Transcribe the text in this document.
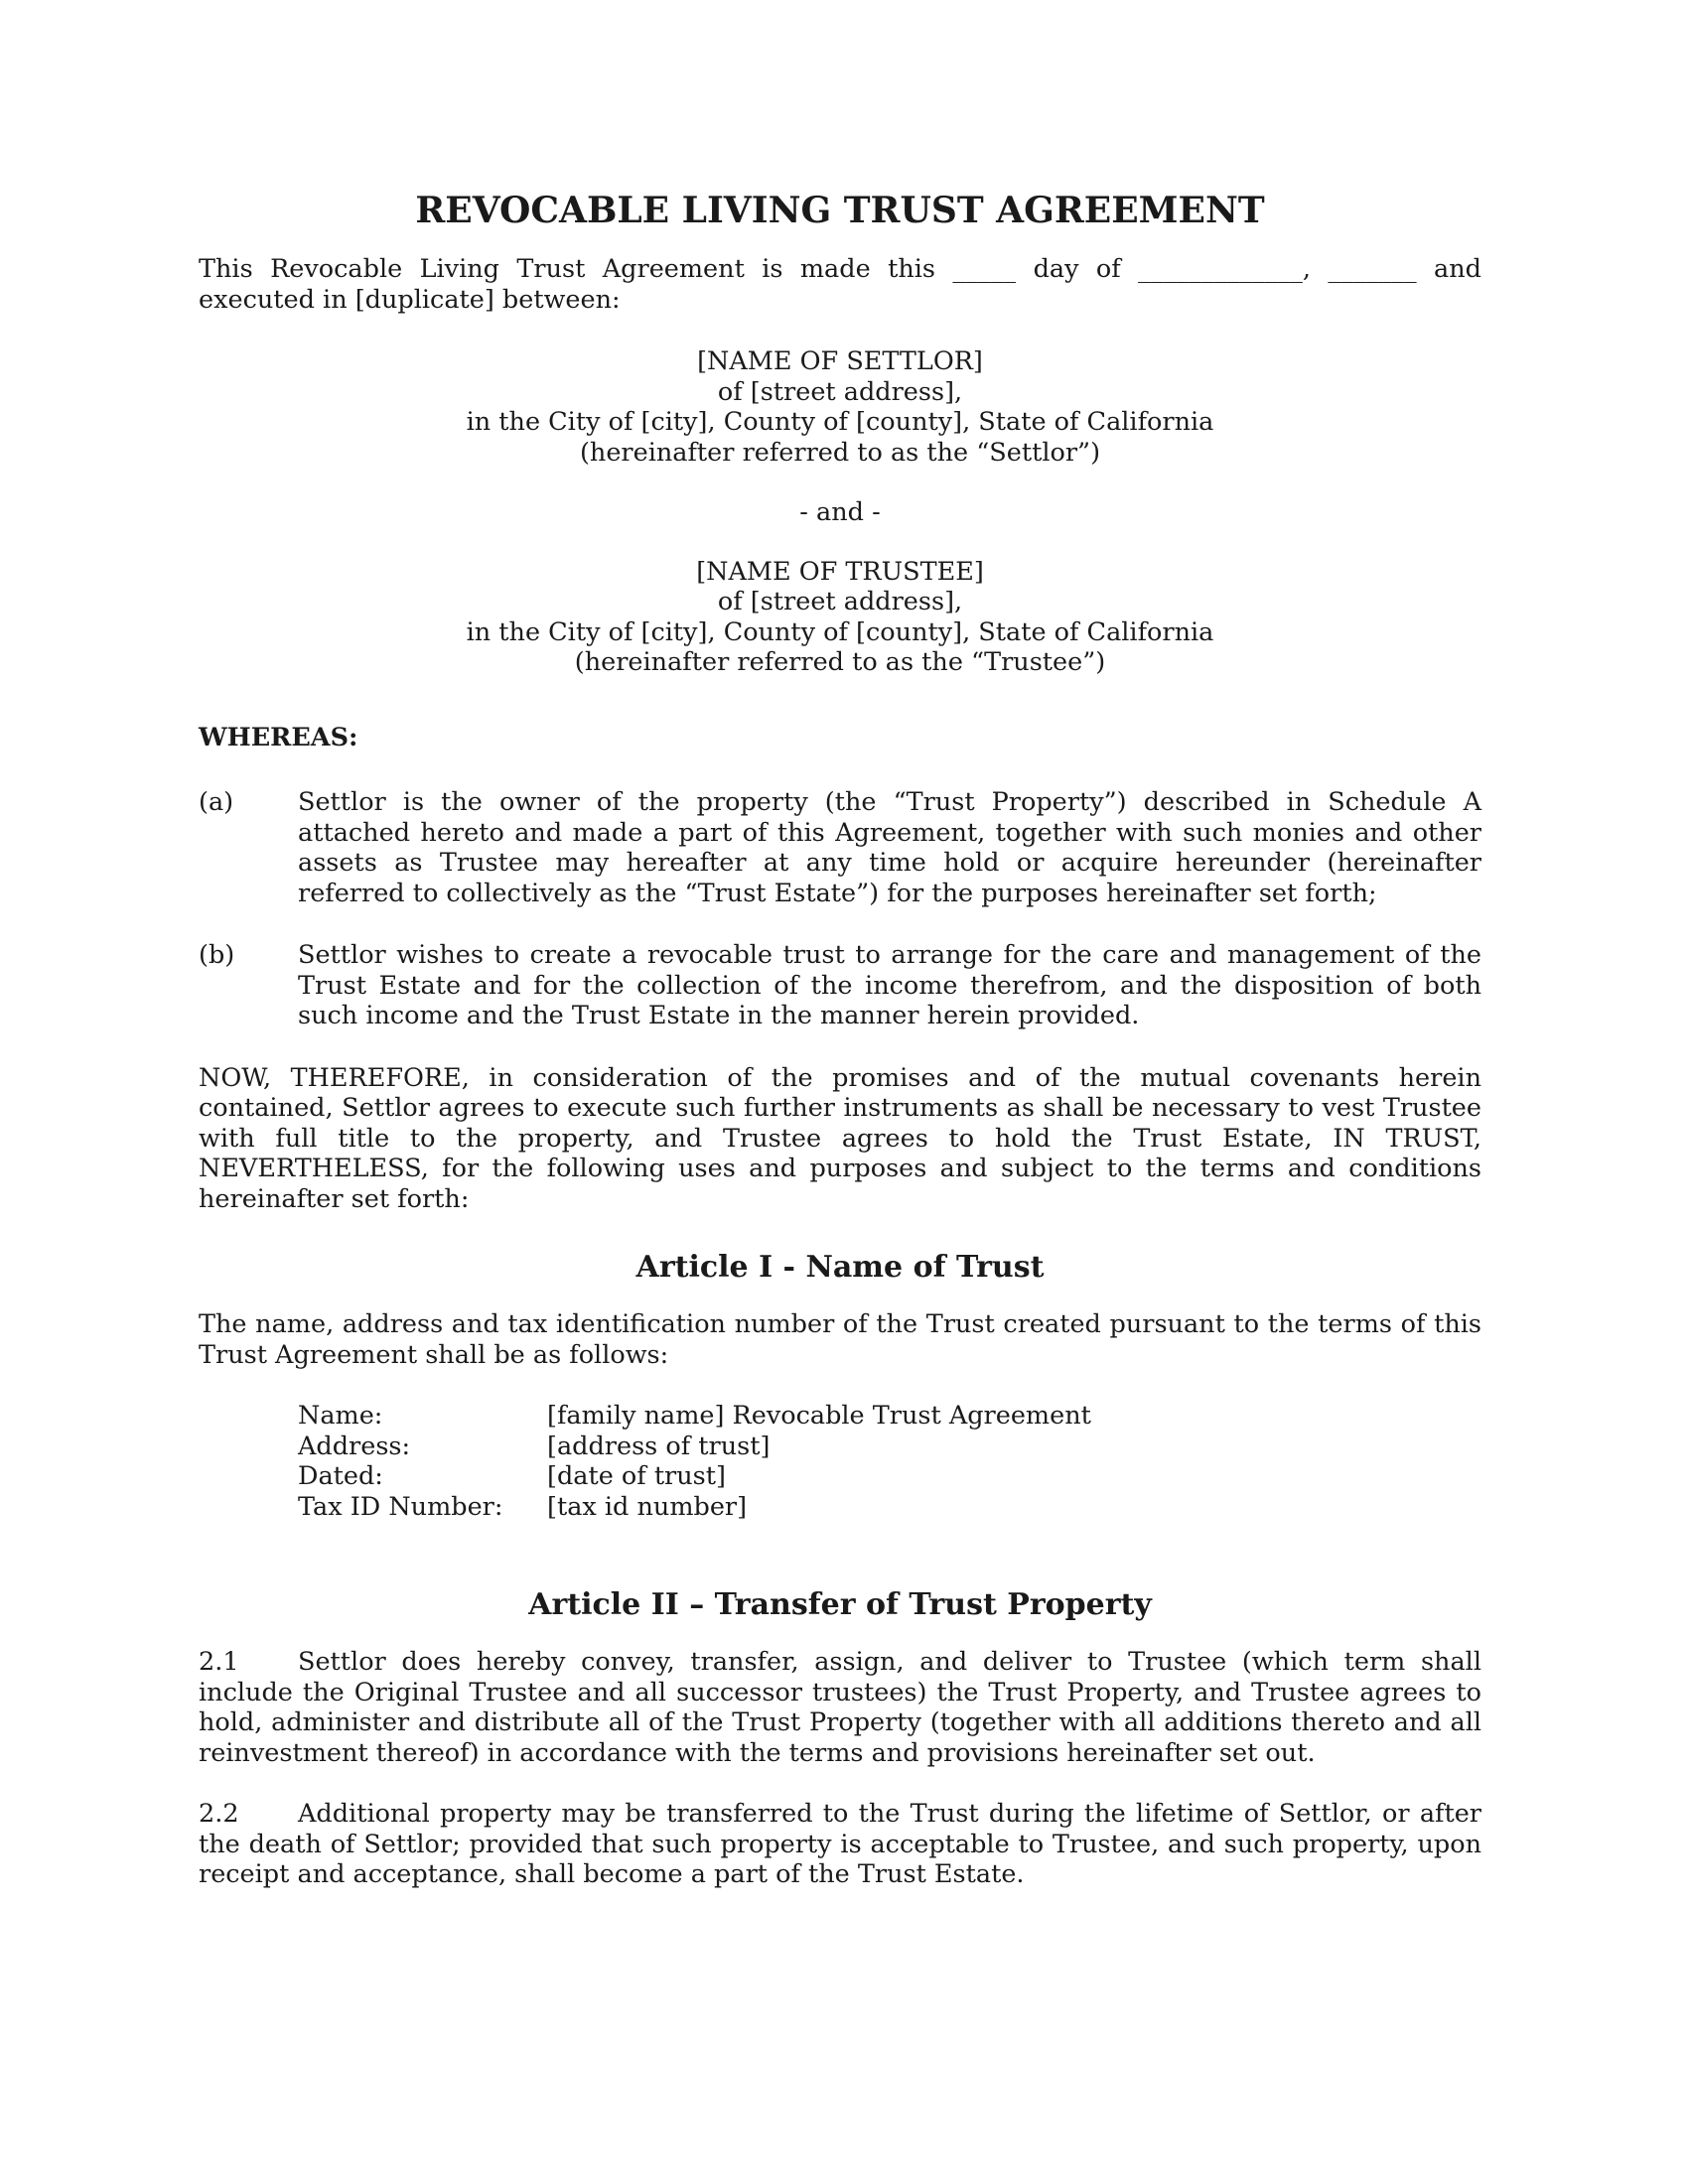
REVOCABLE LIVING TRUST AGREEMENT

This Revocable Living Trust Agreement is made this _____ day of _____________, _______ and executed in [duplicate] between:

[NAME OF SETTLOR]

of [street address],

in the City of [city], County of [county], State of California

(hereinafter referred to as the “Settlor”)

- and -

[NAME OF TRUSTEE]

of [street address],

in the City of [city], County of [county], State of California

(hereinafter referred to as the “Trustee”)

WHEREAS:

(a)	Settlor is the owner of the property (the “Trust Property”) described in Schedule A attached hereto and made a part of this Agreement, together with such monies and other assets as Trustee may hereafter at any time hold or acquire hereunder (hereinafter referred to collectively as the “Trust Estate”) for the purposes hereinafter set forth;
(b)	Settlor wishes to create a revocable trust to arrange for the care and management of the Trust Estate and for the collection of the income therefrom, and the disposition of both such income and the Trust Estate in the manner herein provided.

NOW, THEREFORE, in consideration of the promises and of the mutual covenants herein contained, Settlor agrees to execute such further instruments as shall be necessary to vest Trustee with full title to the property, and Trustee agrees to hold the Trust Estate, IN TRUST, NEVERTHELESS, for the following uses and purposes and subject to the terms and conditions hereinafter set forth:

Article I - Name of Trust

The name, address and tax identification number of the Trust created pursuant to the terms of this Trust Agreement shall be as follows:

Name:	[family name] Revocable Trust Agreement
Address:	[address of trust]
Dated:	[date of trust]
Tax ID Number:	[tax id number]
Article II – Transfer of Trust Property

2.1 Settlor does hereby convey, transfer, assign, and deliver to Trustee (which term shall include the Original Trustee and all successor trustees) the Trust Property, and Trustee agrees to hold, administer and distribute all of the Trust Property (together with all additions thereto and all reinvestment thereof) in accordance with the terms and provisions hereinafter set out.

2.2 Additional property may be transferred to the Trust during the lifetime of Settlor, or after the death of Settlor; provided that such property is acceptable to Trustee, and such property, upon receipt and acceptance, shall become a part of the Trust Estate.
